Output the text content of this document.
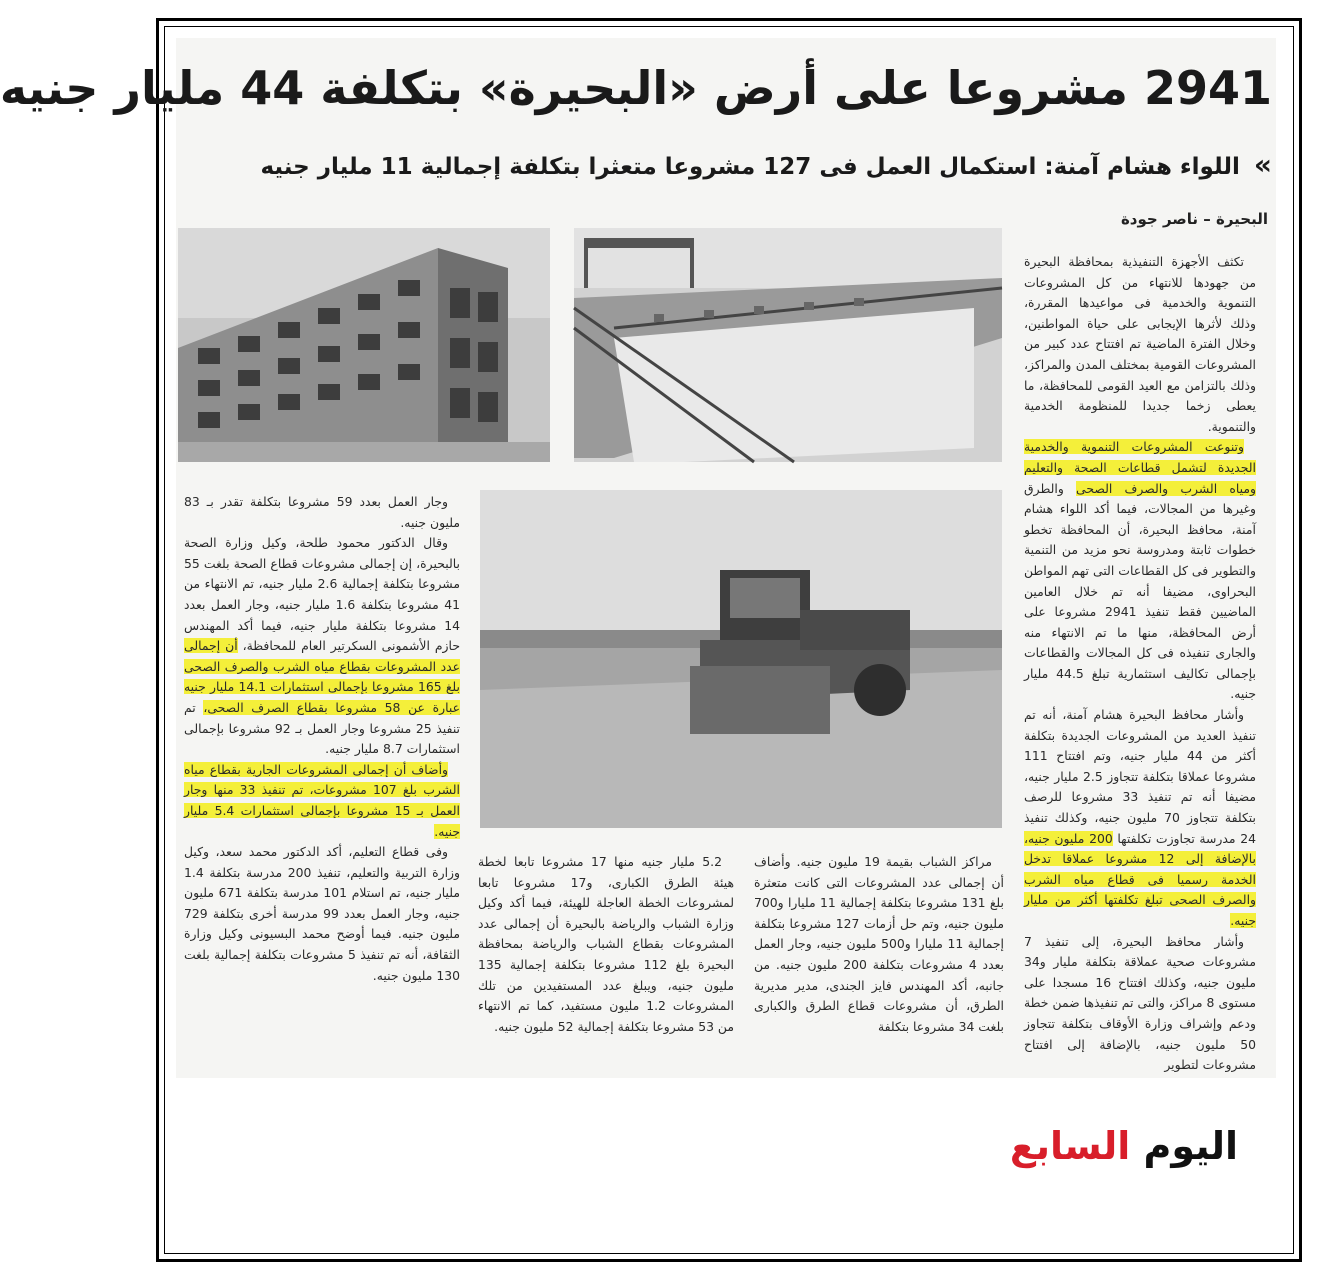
2941 مشروعا على أرض «البحيرة» بتكلفة 44 مليار جنيه
» اللواء هشام آمنة: استكمال العمل فى 127 مشروعا متعثرا بتكلفة إجمالية 11 مليار جنيه
البحيرة – ناصر جودة

تكثف الأجهزة التنفيذية بمحافظة البحيرة من جهودها للانتهاء من كل المشروعات التنموية والخدمية فى مواعيدها المقررة، وذلك لأثرها الإيجابى على حياة المواطنين، وخلال الفترة الماضية تم افتتاح عدد كبير من المشروعات القومية بمختلف المدن والمراكز، وذلك بالتزامن مع العيد القومى للمحافظة، ما يعطى زخما جديدا للمنظومة الخدمية والتنموية.

وتنوعت المشروعات التنموية والخدمية الجديدة لتشمل قطاعات الصحة والتعليم ومياه الشرب والصرف الصحى والطرق وغيرها من المجالات، فيما أكد اللواء هشام آمنة، محافظ البحيرة، أن المحافظة تخطو خطوات ثابتة ومدروسة نحو مزيد من التنمية والتطوير فى كل القطاعات التى تهم المواطن البحراوى، مضيفا أنه تم خلال العامين الماضيين فقط تنفيذ 2941 مشروعا على أرض المحافظة، منها ما تم الانتهاء منه والجارى تنفيذه فى كل المجالات والقطاعات بإجمالى تكاليف استثمارية تبلغ 44.5 مليار جنيه.

وأشار محافظ البحيرة هشام آمنة، أنه تم تنفيذ العديد من المشروعات الجديدة بتكلفة أكثر من 44 مليار جنيه، وتم افتتاح 111 مشروعا عملاقا بتكلفة تتجاوز 2.5 مليار جنيه، مضيفا أنه تم تنفيذ 33 مشروعا للرصف بتكلفة تتجاوز 70 مليون جنيه، وكذلك تنفيذ 24 مدرسة تجاوزت تكلفتها 200 مليون جنيه، بالإضافة إلى 12 مشروعا عملاقا تدخل الخدمة رسميا فى قطاع مياه الشرب والصرف الصحى تبلغ تكلفتها أكثر من مليار جنيه.

وأشار محافظ البحيرة، إلى تنفيذ 7 مشروعات صحية عملاقة بتكلفة مليار و34 مليون جنيه، وكذلك افتتاح 16 مسجدا على مستوى 8 مراكز، والتى تم تنفيذها ضمن خطة ودعم وإشراف وزارة الأوقاف بتكلفة تتجاوز 50 مليون جنيه، بالإضافة إلى افتتاح مشروعات لتطوير

مراكز الشباب بقيمة 19 مليون جنيه. وأضاف أن إجمالى عدد المشروعات التى كانت متعثرة بلغ 131 مشروعا بتكلفة إجمالية 11 مليارا و700 مليون جنيه، وتم حل أزمات 127 مشروعا بتكلفة إجمالية 11 مليارا و500 مليون جنيه، وجار العمل بعدد 4 مشروعات بتكلفة 200 مليون جنيه. من جانبه، أكد المهندس فايز الجندى، مدير مديرية الطرق، أن مشروعات قطاع الطرق والكبارى بلغت 34 مشروعا بتكلفة

5.2 مليار جنيه منها 17 مشروعا تابعا لخطة هيئة الطرق الكبارى، و17 مشروعا تابعا لمشروعات الخطة العاجلة للهيئة، فيما أكد وكيل وزارة الشباب والرياضة بالبحيرة أن إجمالى عدد المشروعات بقطاع الشباب والرياضة بمحافظة البحيرة بلغ 112 مشروعا بتكلفة إجمالية 135 مليون جنيه، ويبلغ عدد المستفيدين من تلك المشروعات 1.2 مليون مستفيد، كما تم الانتهاء من 53 مشروعا بتكلفة إجمالية 52 مليون جنيه.

وجار العمل بعدد 59 مشروعا بتكلفة تقدر بـ 83 مليون جنيه.

وقال الدكتور محمود طلحة، وكيل وزارة الصحة بالبحيرة، إن إجمالى مشروعات قطاع الصحة بلغت 55 مشروعا بتكلفة إجمالية 2.6 مليار جنيه، تم الانتهاء من 41 مشروعا بتكلفة 1.6 مليار جنيه، وجار العمل بعدد 14 مشروعا بتكلفة مليار جنيه، فيما أكد المهندس حازم الأشمونى السكرتير العام للمحافظة، أن إجمالى عدد المشروعات بقطاع مياه الشرب والصرف الصحى بلغ 165 مشروعا بإجمالى استثمارات 14.1 مليار جنيه عبارة عن 58 مشروعا بقطاع الصرف الصحى، تم تنفيذ 25 مشروعا وجار العمل بـ 92 مشروعا بإجمالى استثمارات 8.7 مليار جنيه.

وأضاف أن إجمالى المشروعات الجارية بقطاع مياه الشرب بلغ 107 مشروعات، تم تنفيذ 33 منها وجار العمل بـ 15 مشروعا بإجمالى استثمارات 5.4 مليار جنيه.

وفى قطاع التعليم، أكد الدكتور محمد سعد، وكيل وزارة التربية والتعليم، تنفيذ 200 مدرسة بتكلفة 1.4 مليار جنيه، تم استلام 101 مدرسة بتكلفة 671 مليون جنيه، وجار العمل بعدد 99 مدرسة أخرى بتكلفة 729 مليون جنيه. فيما أوضح محمد البسيونى وكيل وزارة الثقافة، أنه تم تنفيذ 5 مشروعات بتكلفة إجمالية بلغت 130 مليون جنيه.

اليوم السابع
